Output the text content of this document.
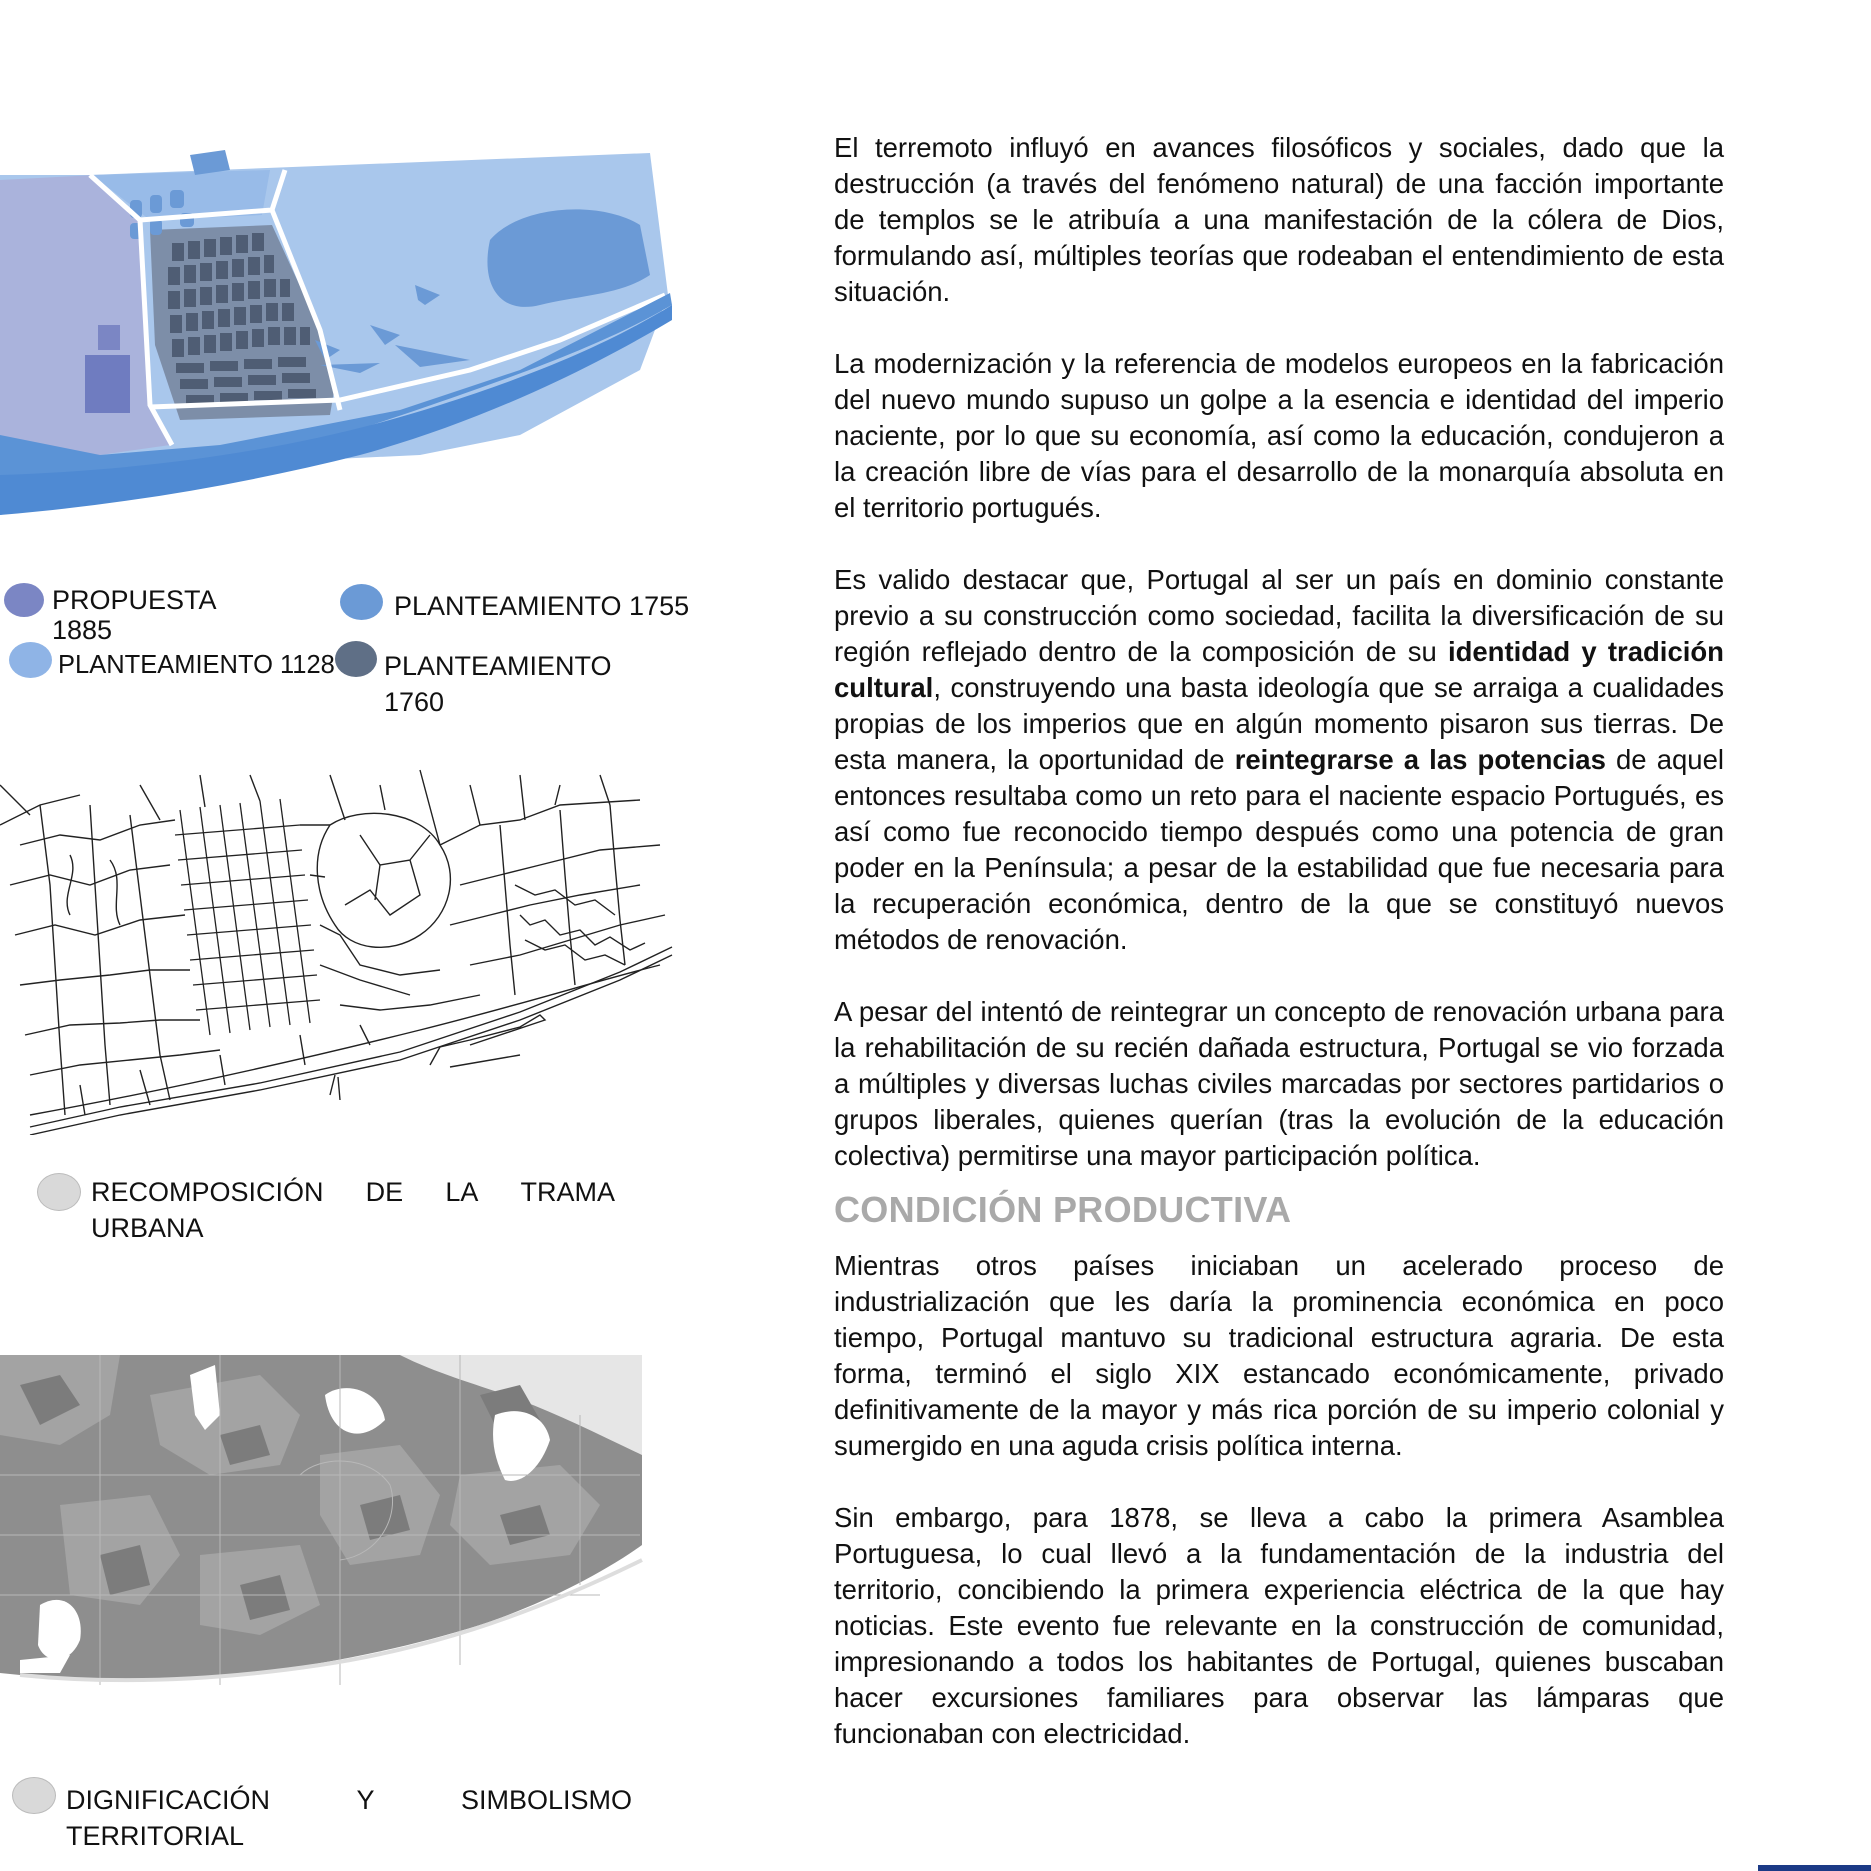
PROPUESTA
1885
PLANTEAMIENTO 1755
PLANTEAMIENTO 1128 PLANTEAMIENTO
1760
RECOMPOSICIÓN DE LA TRAMA
URBANA
DIGNIFICACIÓN	Y	SIMBOLISMO
TERRITORIAL

El terremoto influyó en avances filosóficos y sociales, dado que la destrucción (a través del fenómeno natural) de una facción importante de templos se le atribuía a una manifestación de la cólera de Dios, formulando así, múltiples teorías que rodeaban el entendimiento de esta situación.

La modernización y la referencia de modelos europeos en la fabricación del nuevo mundo supuso un golpe a la esencia e identidad del imperio naciente, por lo que su economía, así como la educación, condujeron a la creación libre de vías para el desarrollo de la monarquía absoluta en el territorio portugués.

Es valido destacar que, Portugal al ser un país en dominio constante previo a su construcción como sociedad, facilita la diversificación de su región reflejado dentro de la composición de su identidad y tradición cultural, construyendo una basta ideología que se arraiga a cualidades propias de los imperios que en algún momento pisaron sus tierras. De esta manera, la oportunidad de reintegrarse a las potencias de aquel entonces resultaba como un reto para el naciente espacio Portugués, es así como fue reconocido tiempo después como una potencia de gran poder en la Península; a pesar de la estabilidad que fue necesaria para la recuperación económica, dentro de la que se constituyó nuevos métodos de renovación.

A pesar del intentó de reintegrar un concepto de renovación urbana para la rehabilitación de su recién dañada estructura, Portugal se vio forzada a múltiples y diversas luchas civiles marcadas por sectores partidarios o grupos liberales, quienes querían (tras la evolución de la educación colectiva) permitirse una mayor participación política.

CONDICIÓN PRODUCTIVA

Mientras otros países iniciaban un acelerado proceso de industrialización que les daría la prominencia económica en poco tiempo, Portugal mantuvo su tradicional estructura agraria. De esta forma, terminó el siglo XIX estancado económicamente, privado definitivamente de la mayor y más rica porción de su imperio colonial y sumergido en una aguda crisis política interna.

Sin embargo, para 1878, se lleva a cabo la primera Asamblea Portuguesa, lo cual llevó a la fundamentación de la industria del territorio, concibiendo la primera experiencia eléctrica de la que hay noticias. Este evento fue relevante en la construcción de comunidad, impresionando a todos los habitantes de Portugal, quienes buscaban hacer excursiones familiares para observar las lámparas que funcionaban con electricidad.
